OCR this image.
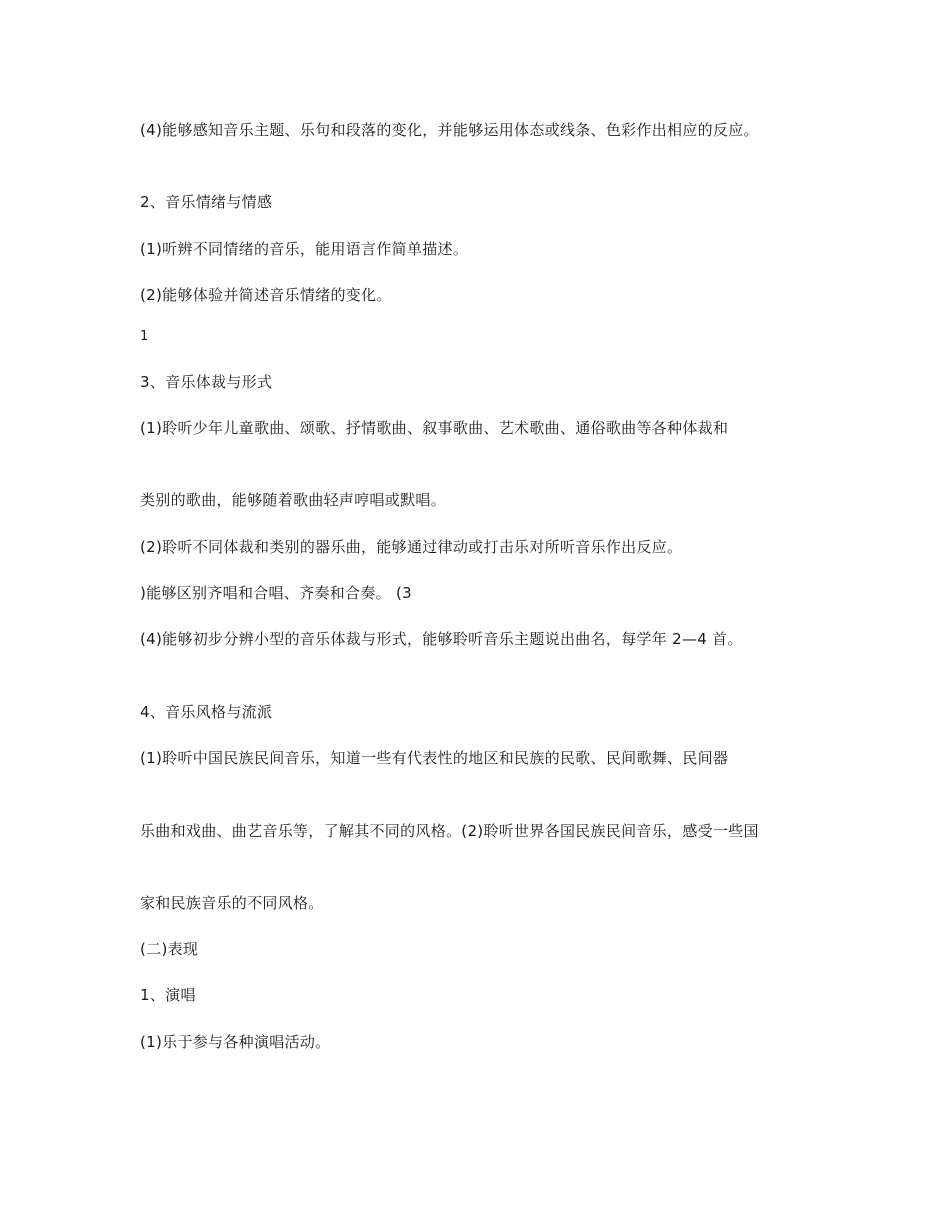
(4)能够感知音乐主题、乐句和段落的变化，并能够运用体态或线条、色彩作出相应的反应。

2、音乐情绪与情感

(1)听辨不同情绪的音乐，能用语言作简单描述。

(2)能够体验并简述音乐情绪的变化。

1

3、音乐体裁与形式

(1)聆听少年儿童歌曲、颂歌、抒情歌曲、叙事歌曲、艺术歌曲、通俗歌曲等各种体裁和

类别的歌曲，能够随着歌曲轻声哼唱或默唱。

(2)聆听不同体裁和类别的器乐曲，能够通过律动或打击乐对所听音乐作出反应。

)能够区别齐唱和合唱、齐奏和合奏。 (3

(4)能够初步分辨小型的音乐体裁与形式，能够聆听音乐主题说出曲名，每学年 2—4 首。

4、音乐风格与流派

(1)聆听中国民族民间音乐，知道一些有代表性的地区和民族的民歌、民间歌舞、民间器

乐曲和戏曲、曲艺音乐等，了解其不同的风格。(2)聆听世界各国民族民间音乐，感受一些国

家和民族音乐的不同风格。

(二)表现

1、演唱

(1)乐于参与各种演唱活动。
